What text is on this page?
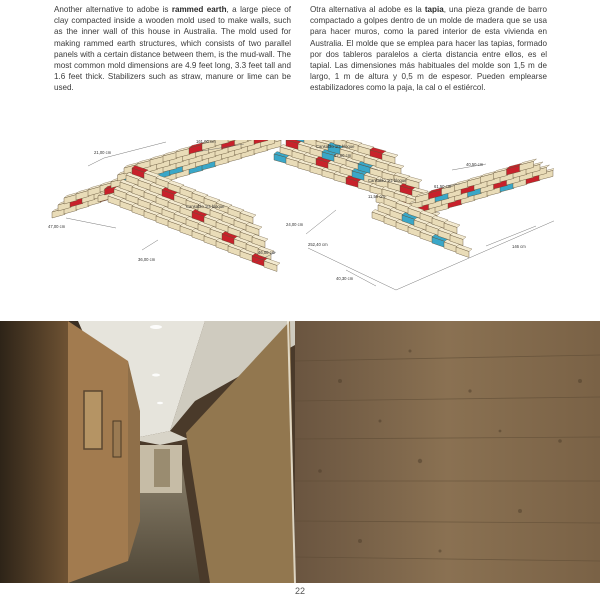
Another alternative to adobe is rammed earth, a large piece of clay compacted inside a wooden mold used to make walls, such as the inner wall of this house in Australia. The mold used for making rammed earth structures, which consists of two parallel panels with a certain distance between them, is the mud-wall. The most common mold dimensions are 4.9 feet long, 3.3 feet tall and 1.6 feet thick. Stabilizers such as straw, manure or lime can be used.
Otra alternativa al adobe es la tapia, una pieza grande de barro compactado a golpes dentro de un molde de madera que se usa para hacer muros, como la pared interior de esta vivienda en Australia. El molde que se emplea para hacer las tapias, formado por dos tableros paralelos a cierta distancia entre ellos, es el tapial. Las dimensiones más habituales del molde son 1,5 m de largo, 1 m de altura y 0,5 m de espesor. Pueden emplearse estabilizadores como la paja, la cal o el estiércol.
161,00 cm
21,00 cm
Cansablo 1/2 bloque
62,00 cm
Cansablo 1/2 bloque
40,50 cm
61,50 cm
Cansablo 1/4 bloque
47,00 cm
11,50 cm
24,00 cm
36,00 cm
46,00 cm
252,40 cm	146 cm
40,30 cm
22
